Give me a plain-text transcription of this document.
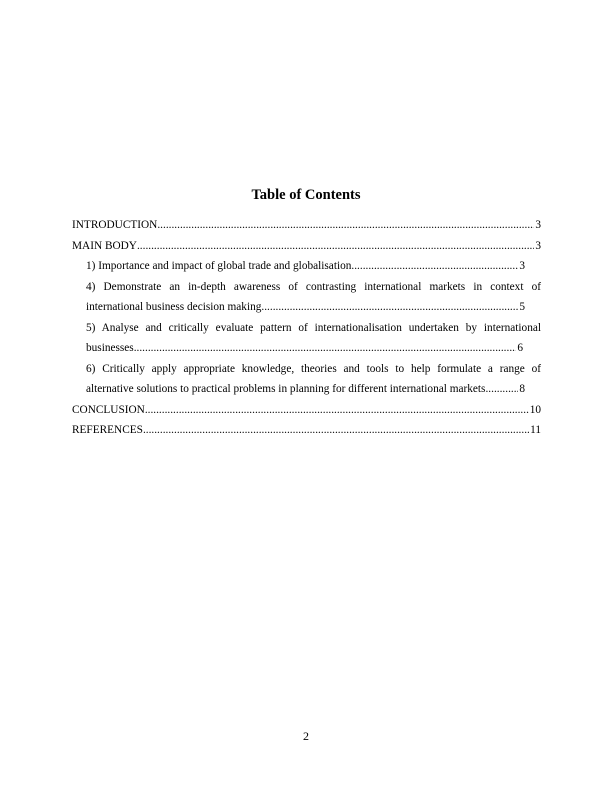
Table of Contents
INTRODUCTION .....	3
MAIN BODY .....	3
1) Importance and impact of global trade and globalisation .....	3
4) Demonstrate an in-depth awareness of contrasting international markets in context of
international business decision making .....	5
5) Analyse and critically evaluate pattern of internationalisation undertaken by international
businesses .....	6
6) Critically apply appropriate knowledge, theories and tools to help formulate a range of
alternative solutions to practical problems in planning for different international markets .....	8
CONCLUSION .....	10
REFERENCES .....	11
2
